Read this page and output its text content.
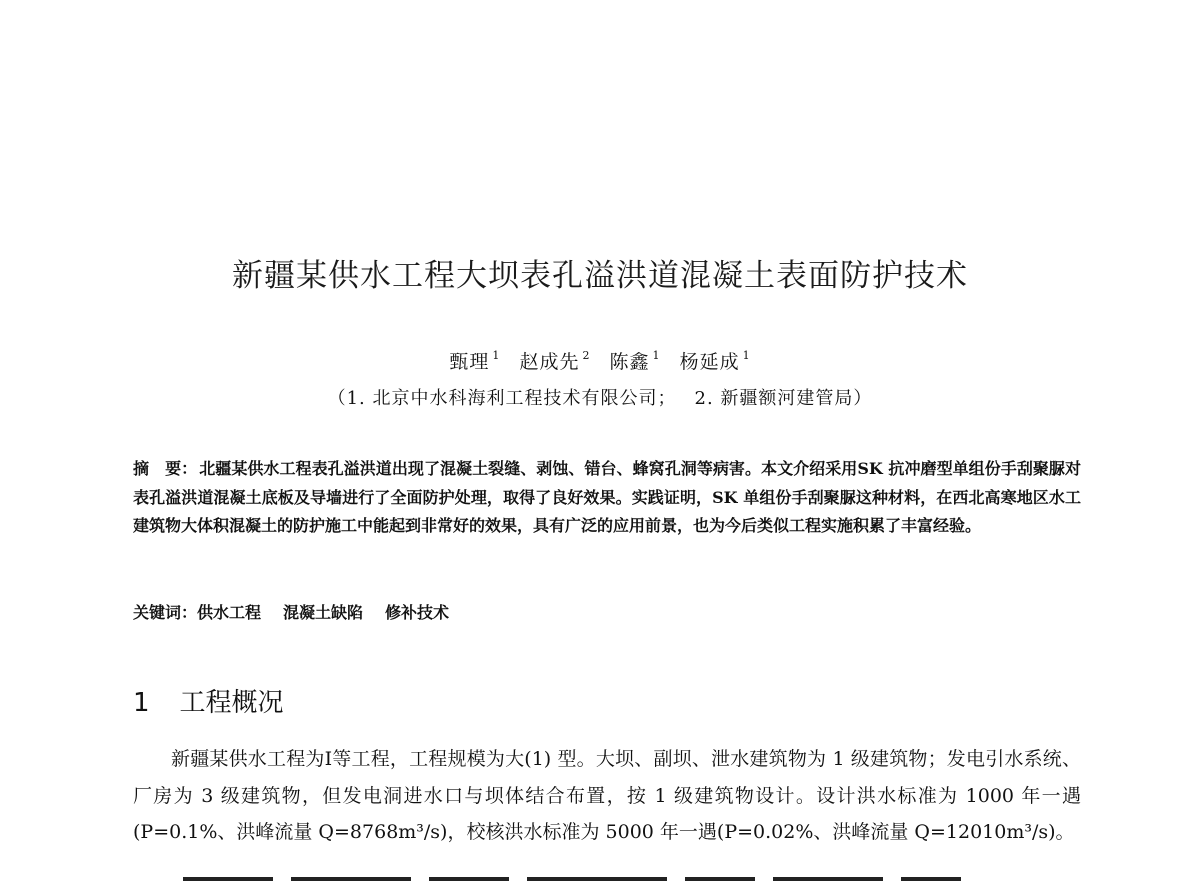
新疆某供水工程大坝表孔溢洪道混凝土表面防护技术
甄理 $^1$ 赵成先 $^2$ 陈鑫 $^1$ 杨延成 $^1$
（1. 北京中水科海利工程技术有限公司； 2. 新疆额河建管局）

摘　要： 北疆某供水工程表孔溢洪道出现了混凝土裂缝、剥蚀、错台、蜂窝孔洞等病害。本文介绍采用SK 抗冲磨型单组份手刮聚脲对表孔溢洪道混凝土底板及导墙进行了全面防护处理，取得了良好效果。实践证明，SK 单组份手刮聚脲这种材料，在西北高寒地区水工建筑物大体积混凝土的防护施工中能起到非常好的效果，具有广泛的应用前景，也为今后类似工程实施积累了丰富经验。

关键词：供水工程 混凝土缺陷 修补技术

1 工程概况

新疆某供水工程为Ⅰ等工程，工程规模为大(1) 型。大坝、副坝、泄水建筑物为 1 级建筑物；发电引水系统、厂房为 3 级建筑物，但发电洞进水口与坝体结合布置，按 1 级建筑物设计。设计洪水标准为 1000 年一遇(P=0.1%、洪峰流量 Q=8768m³/s)，校核洪水标准为 5000 年一遇(P=0.02%、洪峰流量 Q=12010m³/s)。
